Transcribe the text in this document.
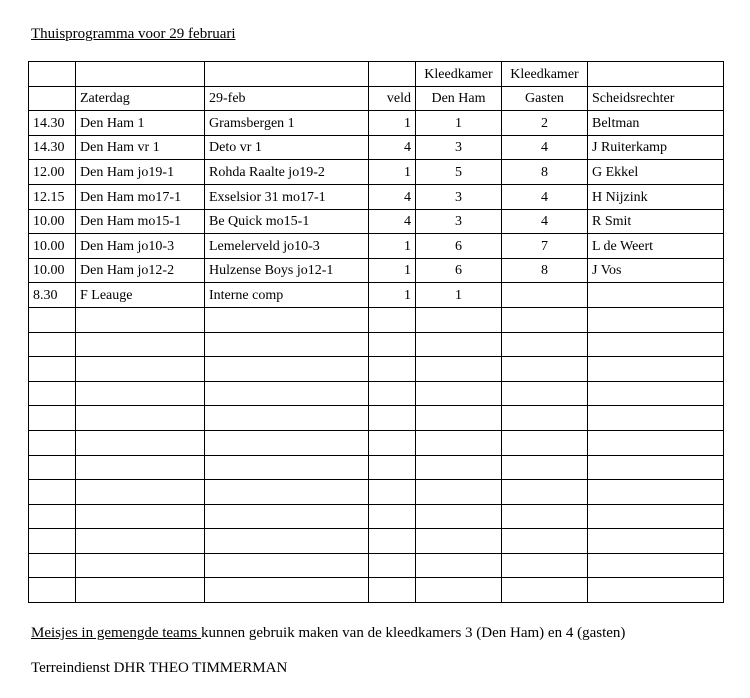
Thuisprogramma voor 29 februari
				Kleedkamer	Kleedkamer	
	Zaterdag	29-feb	veld	Den Ham	Gasten	Scheidsrechter
14.30	Den Ham 1	Gramsbergen 1	1	1	2	Beltman
14.30	Den Ham vr 1	Deto vr 1	4	3	4	J Ruiterkamp
12.00	Den Ham jo19-1	Rohda Raalte jo19-2	1	5	8	G Ekkel
12.15	Den Ham mo17-1	Exselsior 31 mo17-1	4	3	4	H Nijzink
10.00	Den Ham mo15-1	Be Quick mo15-1	4	3	4	R Smit
10.00	Den Ham jo10-3	Lemelerveld jo10-3	1	6	7	L de Weert
10.00	Den Ham jo12-2	Hulzense Boys jo12-1	1	6	8	J Vos
8.30	F Leauge	Interne comp	1	1		

Meisjes in gemengde teams kunnen gebruik maken van de kleedkamers 3 (Den Ham) en 4 (gasten)
Terreindienst DHR THEO TIMMERMAN
